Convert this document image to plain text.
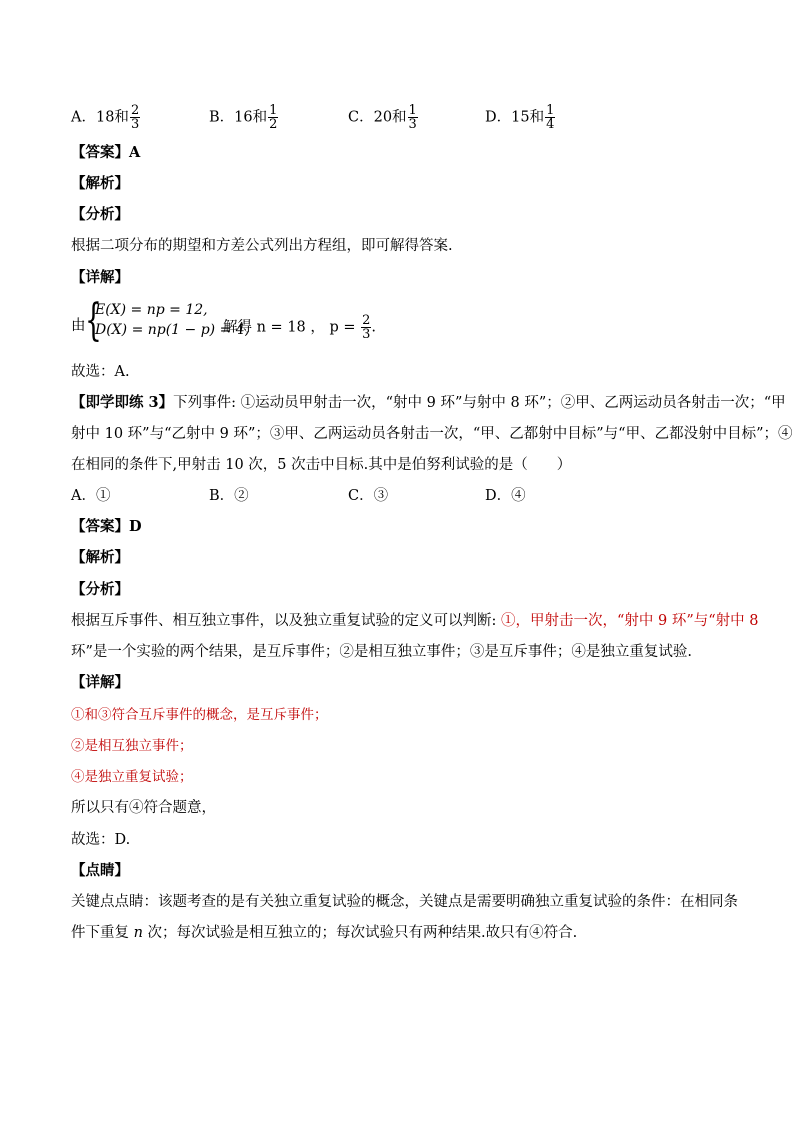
A．18和 $\frac{2}{3}$	B．16和 $\frac{1}{2}$	C．20和 $\frac{1}{3}$	D．15和 $\frac{1}{4}$
【答案】A
【解析】
【分析】
根据二项分布的期望和方差公式列出方程组，即可解得答案.
【详解】
由 {
E(X) = np = 12,
D(X) = np(1 − p) = 4,
解得 n = 18 ， $p = \frac{2}{3}$ .
故选：A.
【即学即练 3】下列事件: ①运动员甲射击一次，“射中 9 环”与射中 8 环”；②甲、乙两运动员各射击一次；“甲
射中 10 环”与“乙射中 9 环”；③甲、乙两运动员各射击一次，“甲、乙都射中目标”与“甲、乙都没射中目标”；④
在相同的条件下,甲射击 10 次，5 次击中目标.其中是伯努利试验的是（　　）
A．①	B．②	C．③	D．④
【答案】D
【解析】
【分析】
根据互斥事件、相互独立事件，以及独立重复试验的定义可以判断: ①，甲射击一次，“射中 9 环”与“射中 8
环”是一个实验的两个结果，是互斥事件；②是相互独立事件；③是互斥事件；④是独立重复试验.
【详解】
①和③符合互斥事件的概念，是互斥事件；
②是相互独立事件；
④是独立重复试验；
所以只有④符合题意，
故选：D.
【点睛】
关键点点睛：该题考查的是有关独立重复试验的概念，关键点是需要明确独立重复试验的条件：在相同条
件下重复 n 次；每次试验是相互独立的；每次试验只有两种结果.故只有④符合.
